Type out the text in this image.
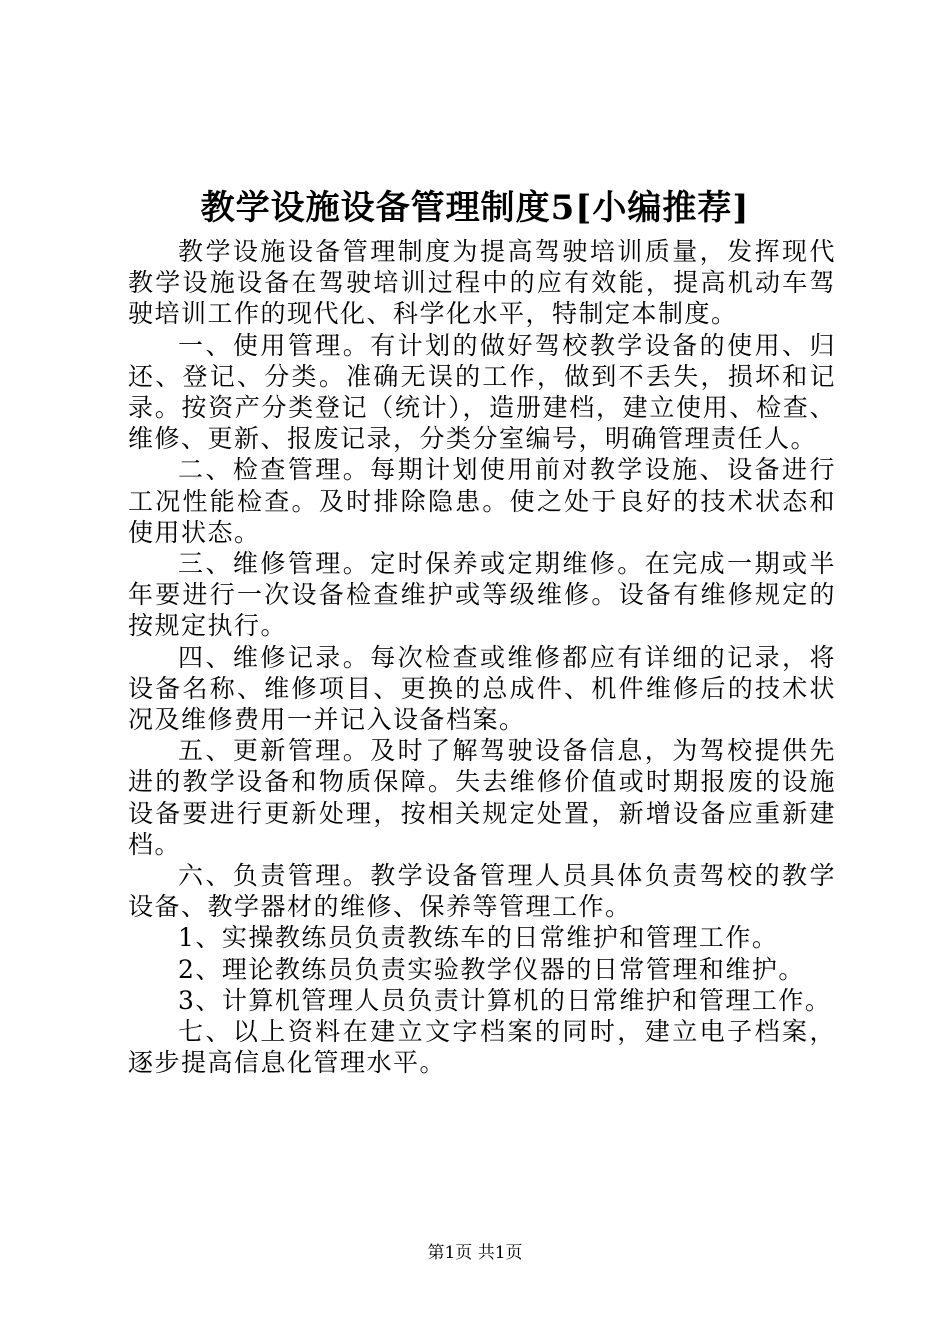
教学设施设备管理制度5[小编推荐]

教学设施设备管理制度为提高驾驶培训质量，发挥现代教学设施设备在驾驶培训过程中的应有效能，提高机动车驾驶培训工作的现代化、科学化水平，特制定本制度。

一、使用管理。有计划的做好驾校教学设备的使用、归还、登记、分类。准确无误的工作，做到不丢失，损坏和记录。按资产分类登记（统计），造册建档，建立使用、检查、维修、更新、报废记录，分类分室编号，明确管理责任人。

二、检查管理。每期计划使用前对教学设施、设备进行工况性能检查。及时排除隐患。使之处于良好的技术状态和使用状态。

三、维修管理。定时保养或定期维修。在完成一期或半年要进行一次设备检查维护或等级维修。设备有维修规定的按规定执行。

四、维修记录。每次检查或维修都应有详细的记录，将设备名称、维修项目、更换的总成件、机件维修后的技术状况及维修费用一并记入设备档案。

五、更新管理。及时了解驾驶设备信息，为驾校提供先进的教学设备和物质保障。失去维修价值或时期报废的设施设备要进行更新处理，按相关规定处置，新增设备应重新建档。

六、负责管理。教学设备管理人员具体负责驾校的教学设备、教学器材的维修、保养等管理工作。

1、实操教练员负责教练车的日常维护和管理工作。

2、理论教练员负责实验教学仪器的日常管理和维护。

3、计算机管理人员负责计算机的日常维护和管理工作。

七、以上资料在建立文字档案的同时，建立电子档案，逐步提高信息化管理水平。

第1页 共1页
